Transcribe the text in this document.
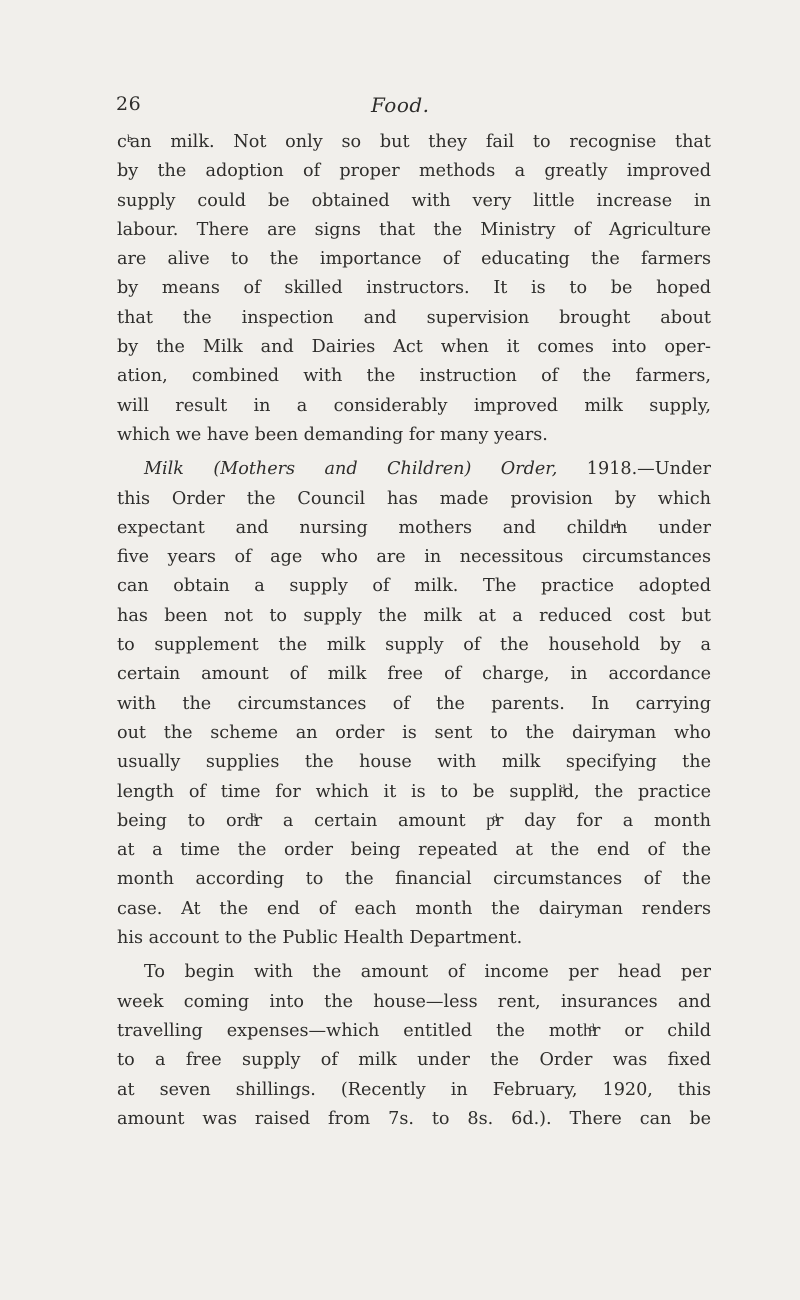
26	Food.
cˡͤan milk. Not only so but they fail to recognise that
by the adoption of proper methods a greatly improved
supply could be obtained with very little increase in
labour. There are signs that the Ministry of Agriculture
are alive to the importance of educating the farmers
by means of skilled instructors. It is to be hoped
that the inspection and supervision brought about
by the Milk and Dairies Act when it comes into oper-
ation, combined with the instruction of the farmers,
will result in a considerably improved milk supply,
which we have been demanding for many years.
Milk (Mothers and Children) Order, 1918.—Under
this Order the Council has made provision by which
expectant and nursing mothers and childrͩn under
five years of age who are in necessitous circumstances
can obtain a supply of milk. The practice adopted
has been not to supply the milk at a reduced cost but
to supplement the milk supply of the household by a
certain amount of milk free of charge, in accordance
with the circumstances of the parents. In carrying
out the scheme an order is sent to the dairyman who
usually supplies the house with milk specifying the
length of time for which it is to be suppliͩd, the practice
being to ordͩr a certain amount pͩr day for a month
at a time the order being repeated at the end of the
month according to the financial circumstances of the
case. At the end of each month the dairyman renders
his account to the Public Health Department.
To begin with the amount of income per head per
week coming into the house—less rent, insurances and
travelling expenses—which entitled the mothͩr or child
to a free supply of milk under the Order was fixed
at seven shillings. (Recently in February, 1920, this
amount was raised from 7s. to 8s. 6d.). There can be
